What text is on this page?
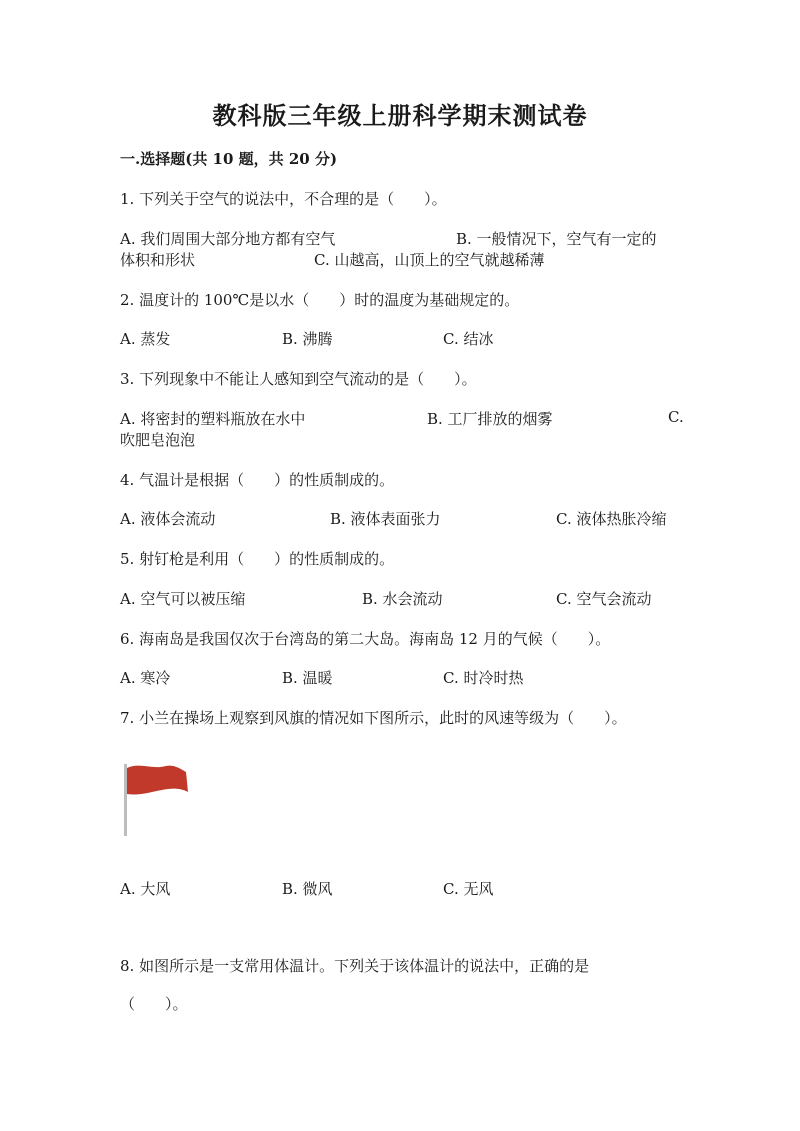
教科版三年级上册科学期末测试卷
一.选择题(共 10 题，共 20 分)
1. 下列关于空气的说法中，不合理的是（　　）。
A. 我们周围大部分地方都有空气	B. 一般情况下，空气有一定的
体积和形状	C. 山越高，山顶上的空气就越稀薄
2. 温度计的 100℃是以水（　　）时的温度为基础规定的。
A. 蒸发	B. 沸腾	C. 结冰
3. 下列现象中不能让人感知到空气流动的是（　　）。
A. 将密封的塑料瓶放在水中	B. 工厂排放的烟雾	C.
吹肥皂泡泡
4. 气温计是根据（　　）的性质制成的。
A. 液体会流动	B. 液体表面张力	C. 液体热胀冷缩
5. 射钉枪是利用（　　）的性质制成的。
A. 空气可以被压缩	B. 水会流动	C. 空气会流动
6. 海南岛是我国仅次于台湾岛的第二大岛。海南岛 12 月的气候（　　）。
A. 寒冷	B. 温暖	C. 时冷时热
7. 小兰在操场上观察到风旗的情况如下图所示，此时的风速等级为（　　）。
A. 大风	B. 微风	C. 无风
8. 如图所示是一支常用体温计。下列关于该体温计的说法中，正确的是
（　　）。
